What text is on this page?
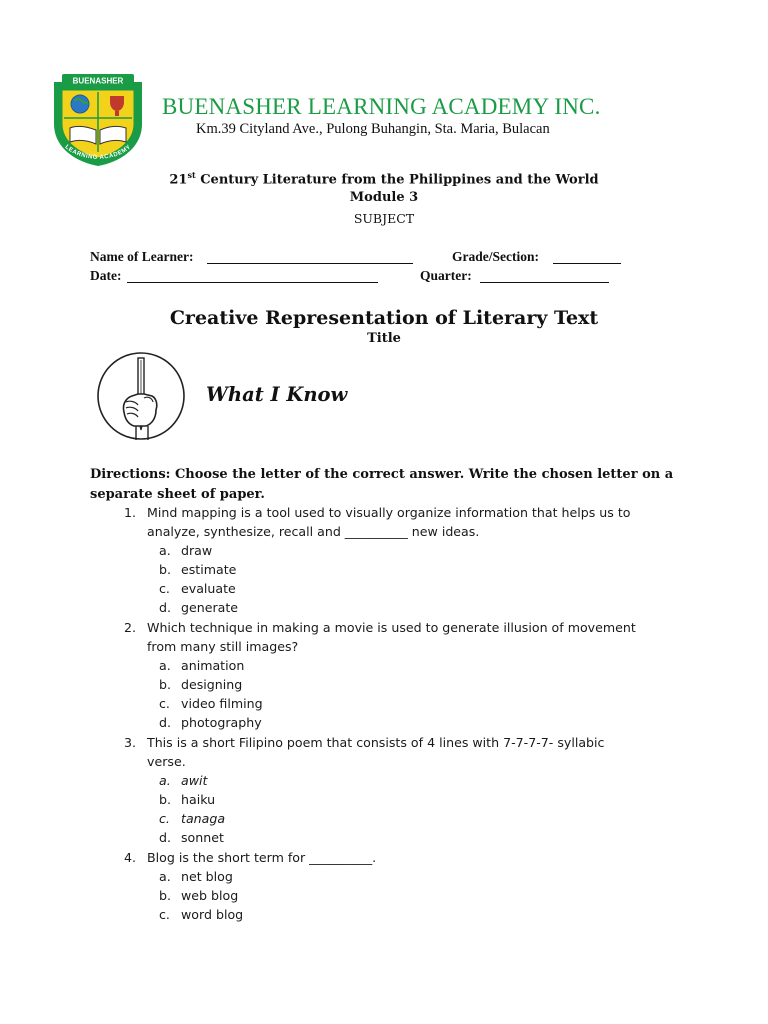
BUENASHER
LEARNING ACADEMY
BUENASHER LEARNING ACADEMY INC.
Km.39 Cityland Ave., Pulong Buhangin, Sta. Maria, Bulacan
21st Century Literature from the Philippines and the World
Module 3
SUBJECT
Name of Learner:	Grade/Section:
Date:	Quarter:
Creative Representation of Literary Text
Title
What I Know
Directions: Choose the letter of the correct answer. Write the chosen letter on a
separate sheet of paper.
1. Mind mapping is a tool used to visually organize information that helps us to
analyze, synthesize, recall and __________ new ideas.
a. draw
b. estimate
c. evaluate
d. generate
2. Which technique in making a movie is used to generate illusion of movement
from many still images?
a. animation
b. designing
c. video filming
d. photography
3. This is a short Filipino poem that consists of 4 lines with 7-7-7-7- syllabic
verse.
a. awit
b. haiku
c. tanaga
d. sonnet
4. Blog is the short term for __________.
a. net blog
b. web blog
c. word blog
